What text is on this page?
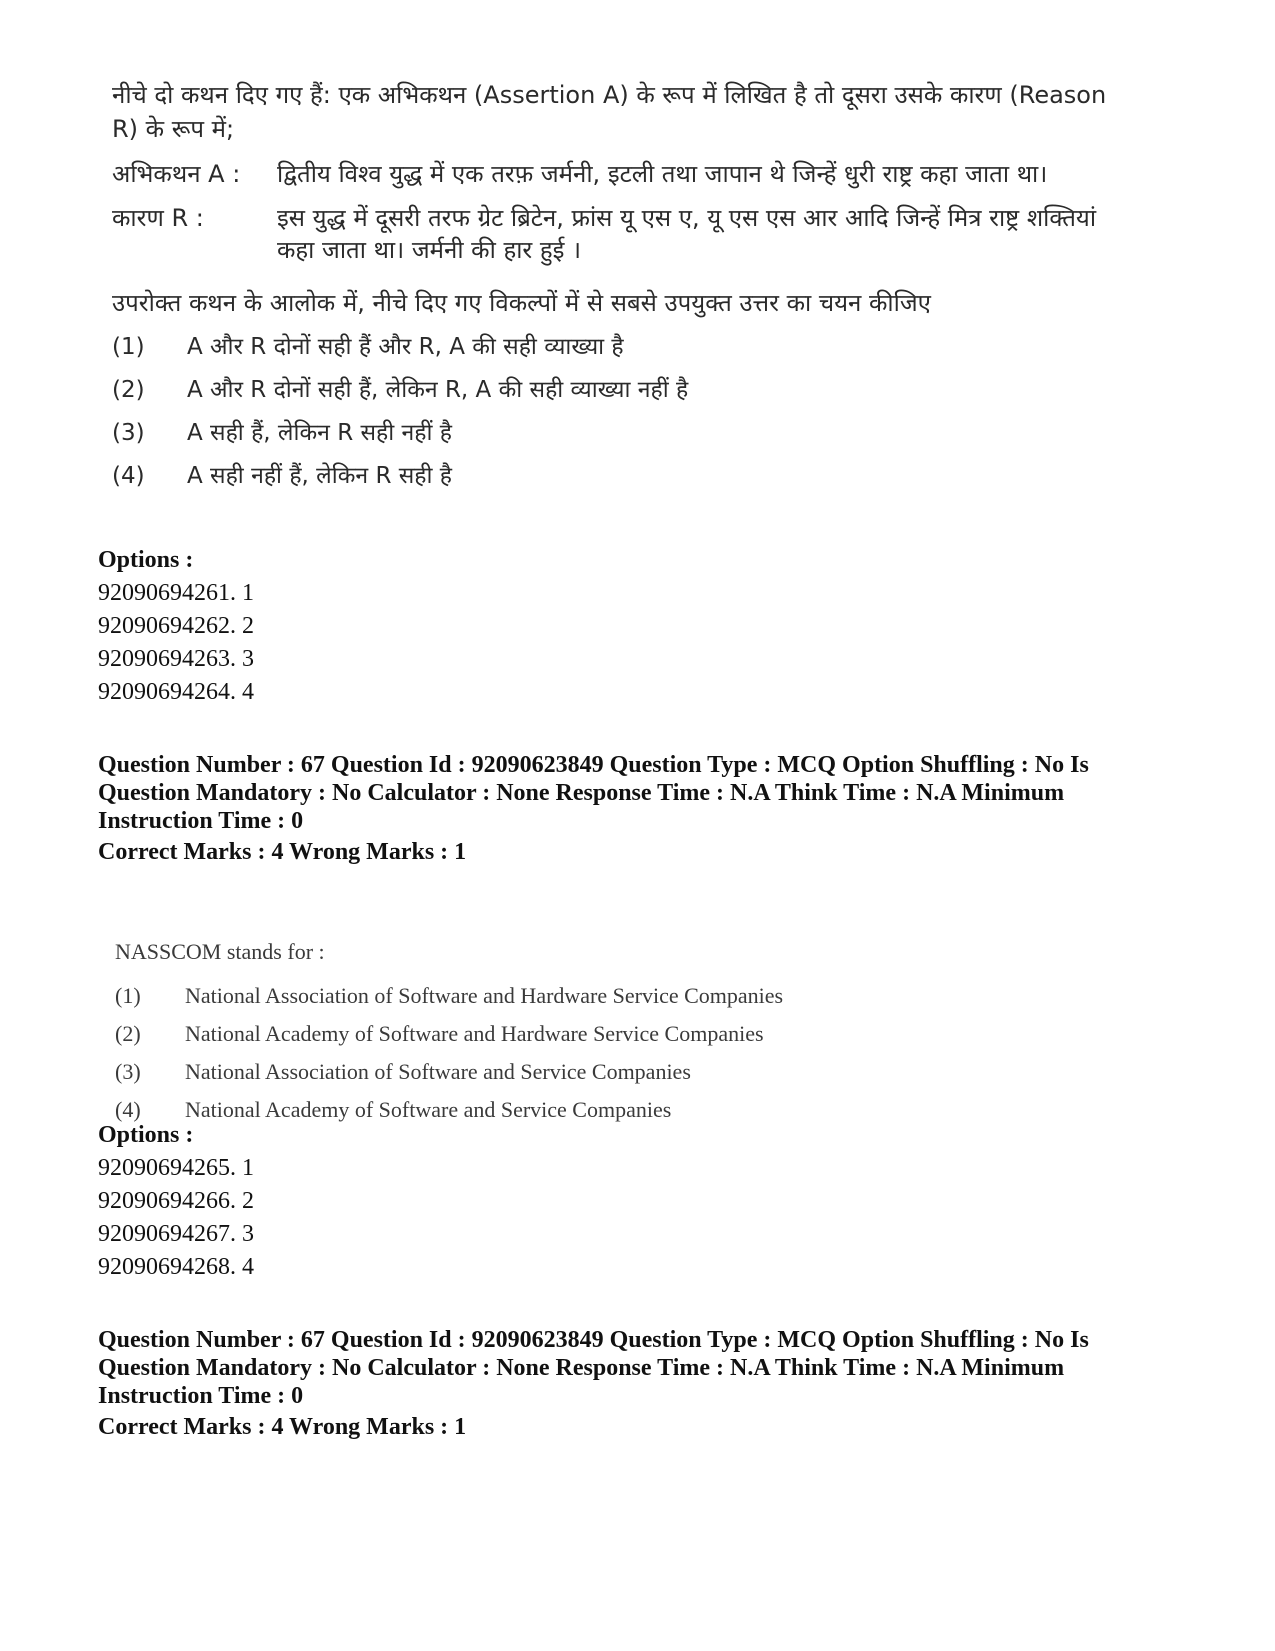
नीचे दो कथन दिए गए हैं: एक अभिकथन (Assertion A) के रूप में लिखित है तो दूसरा उसके कारण (Reason R) के रूप में;

अभिकथन A :	द्वितीय विश्व युद्ध में एक तरफ़ जर्मनी, इटली तथा जापान थे जिन्हें धुरी राष्ट्र कहा जाता था।
कारण R :	इस युद्ध में दूसरी तरफ ग्रेट ब्रिटेन, फ्रांस यू एस ए, यू एस एस आर आदि जिन्हें मित्र राष्ट्र शक्तियां कहा जाता था। जर्मनी की हार हुई ।
उपरोक्त कथन के आलोक में, नीचे दिए गए विकल्पों में से सबसे उपयुक्त उत्तर का चयन कीजिए
(1)	A और R दोनों सही हैं और R, A की सही व्याख्या है
(2)	A और R दोनों सही हैं, लेकिन R, A की सही व्याख्या नहीं है
(3)	A सही हैं, लेकिन R सही नहीं है
(4)	A सही नहीं हैं, लेकिन R सही है
Options :
92090694261. 1
92090694262. 2
92090694263. 3
92090694264. 4
Question Number : 67 Question Id : 92090623849 Question Type : MCQ Option Shuffling : No Is
Question Mandatory : No Calculator : None Response Time : N.A Think Time : N.A Minimum
Instruction Time : 0
Correct Marks : 4 Wrong Marks : 1
NASSCOM stands for :
(1)	National Association of Software and Hardware Service Companies
(2)	National Academy of Software and Hardware Service Companies
(3)	National Association of Software and Service Companies
(4)	National Academy of Software and Service Companies
Options :
92090694265. 1
92090694266. 2
92090694267. 3
92090694268. 4
Question Number : 67 Question Id : 92090623849 Question Type : MCQ Option Shuffling : No Is
Question Mandatory : No Calculator : None Response Time : N.A Think Time : N.A Minimum
Instruction Time : 0
Correct Marks : 4 Wrong Marks : 1
